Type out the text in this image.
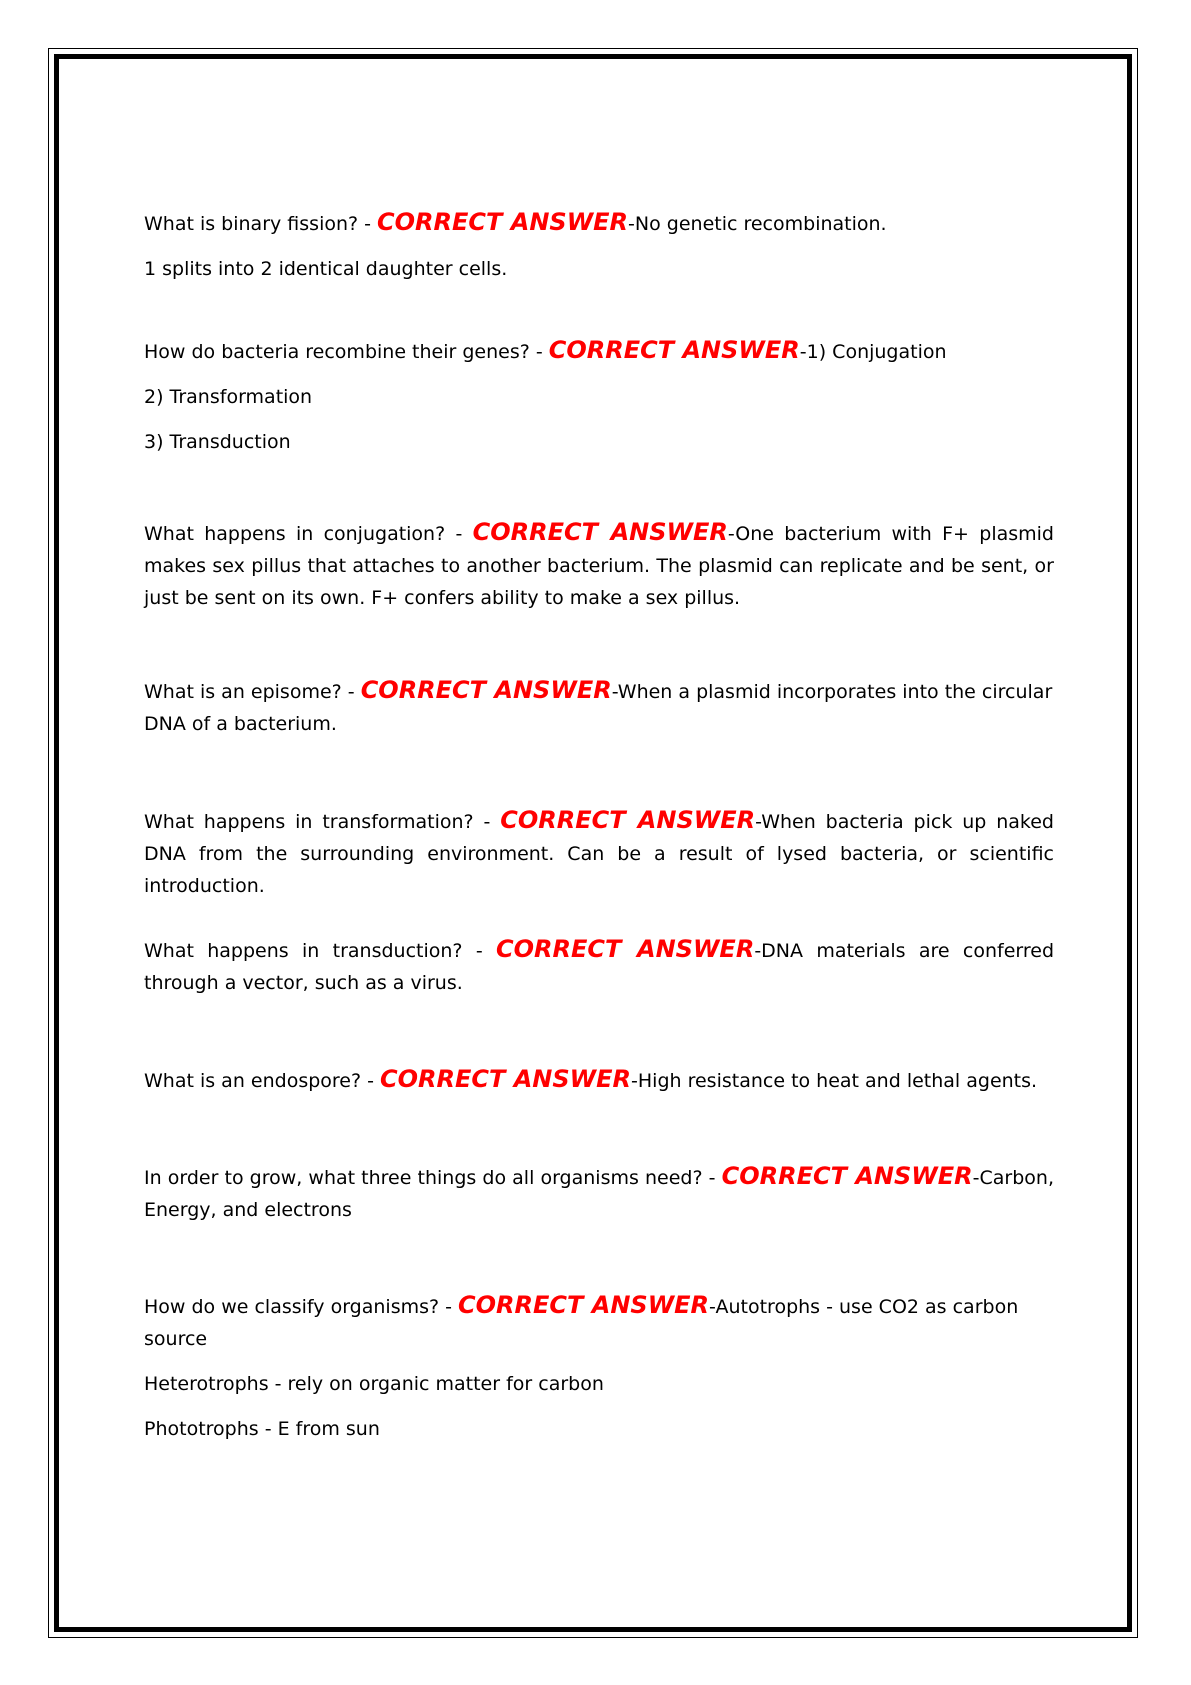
What is binary fission? - CORRECT ANSWER-No genetic recombination.

1 splits into 2 identical daughter cells.

How do bacteria recombine their genes? - CORRECT ANSWER-1) Conjugation

2) Transformation

3) Transduction

What happens in conjugation? - CORRECT ANSWER-One bacterium with F+ plasmid makes sex pillus that attaches to another bacterium. The plasmid can replicate and be sent, or just be sent on its own. F+ confers ability to make a sex pillus.

What is an episome? - CORRECT ANSWER-When a plasmid incorporates into the circular DNA of a bacterium.

What happens in transformation? - CORRECT ANSWER-When bacteria pick up naked DNA from the surrounding environment. Can be a result of lysed bacteria, or scientific introduction.

What happens in transduction? - CORRECT ANSWER-DNA materials are conferred through a vector, such as a virus.

What is an endospore? - CORRECT ANSWER-High resistance to heat and lethal agents.

In order to grow, what three things do all organisms need? - CORRECT ANSWER-Carbon, Energy, and electrons

How do we classify organisms? - CORRECT ANSWER-Autotrophs - use CO2 as carbon source

Heterotrophs - rely on organic matter for carbon

Phototrophs - E from sun
